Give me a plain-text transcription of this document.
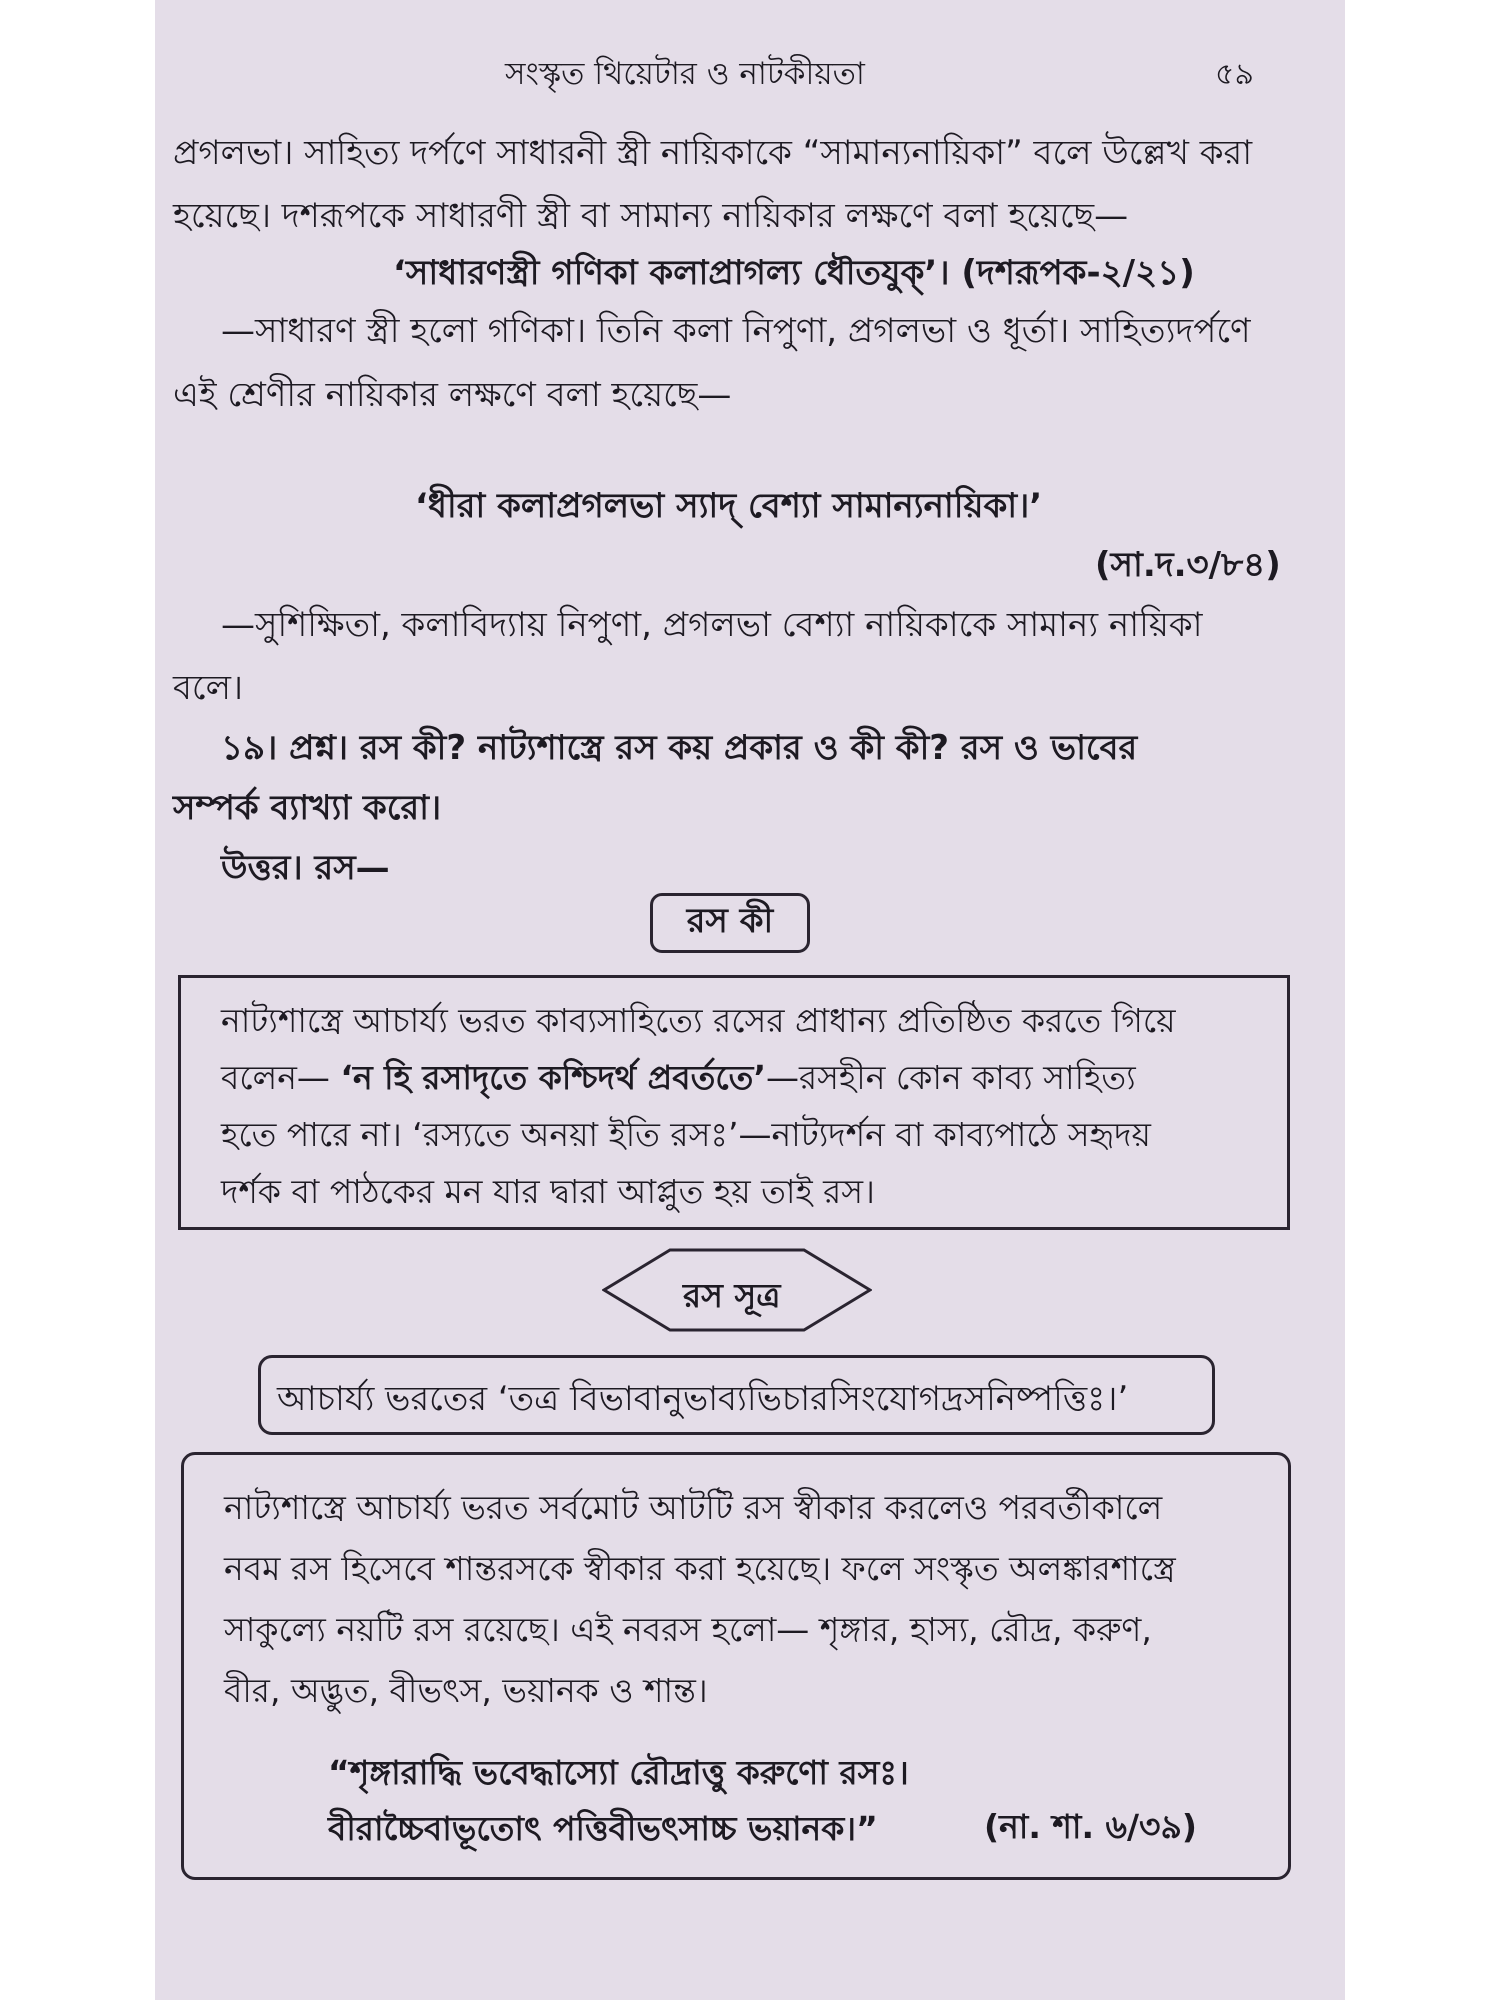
সংস্কৃত থিয়েটার ও নাটকীয়তা	৫৯
প্রগলভা। সাহিত্য দর্পণে সাধারনী স্ত্রী নায়িকাকে “সামান্যনায়িকা” বলে উল্লেখ করা
হয়েছে। দশরূপকে সাধারণী স্ত্রী বা সামান্য নায়িকার লক্ষণে বলা হয়েছে—
‘সাধারণস্ত্রী গণিকা কলাপ্রাগল্য ধৌতযুক্’। (দশরূপক-২/২১)
—সাধারণ স্ত্রী হলো গণিকা। তিনি কলা নিপুণা, প্রগলভা ও ধূর্তা। সাহিত্যদর্পণে
এই শ্রেণীর নায়িকার লক্ষণে বলা হয়েছে—
‘ধীরা কলাপ্রগলভা স্যাদ্ বেশ্যা সামান্যনায়িকা।’
(সা.দ.৩/৮৪)
—সুশিক্ষিতা, কলাবিদ্যায় নিপুণা, প্রগলভা বেশ্যা নায়িকাকে সামান্য নায়িকা
বলে।
১৯। প্রশ্ন। রস কী? নাট্যশাস্ত্রে রস কয় প্রকার ও কী কী? রস ও ভাবের
সম্পর্ক ব্যাখ্যা করো।
উত্তর। রস—
রস কী
নাট্যশাস্ত্রে আচার্য্য ভরত কাব্যসাহিত্যে রসের প্রাধান্য প্রতিষ্ঠিত করতে গিয়ে
বলেন— ‘ন হি রসাদৃতে কশ্চিদর্থ প্রবর্ততে’—রসহীন কোন কাব্য সাহিত্য
হতে পারে না। ‘রস্যতে অনয়া ইতি রসঃ’—নাট্যদর্শন বা কাব্যপাঠে সহৃদয়
দর্শক বা পাঠকের মন যার দ্বারা আপ্লুত হয় তাই রস।
রস সূত্র
আচার্য্য ভরতের ‘তত্র বিভাবানুভাব্যভিচারসিংযোগদ্রসনিষ্পত্তিঃ।’
নাট্যশাস্ত্রে আচার্য্য ভরত সর্বমোট আটটি রস স্বীকার করলেও পরবর্তীকালে
নবম রস হিসেবে শান্তরসকে স্বীকার করা হয়েছে। ফলে সংস্কৃত অলঙ্কারশাস্ত্রে
সাকুল্যে নয়টি রস রয়েছে। এই নবরস হলো— শৃঙ্গার, হাস্য, রৌদ্র, করুণ,
বীর, অদ্ভুত, বীভৎস, ভয়ানক ও শান্ত।
“শৃঙ্গারাদ্ধি ভবেদ্ধাস্যো রৌদ্রাত্তু করুণো রসঃ।
বীরাচ্চৈবাভূতোৎ পত্তিবীভৎসাচ্চ ভয়ানক।”	(না. শা. ৬/৩৯)
